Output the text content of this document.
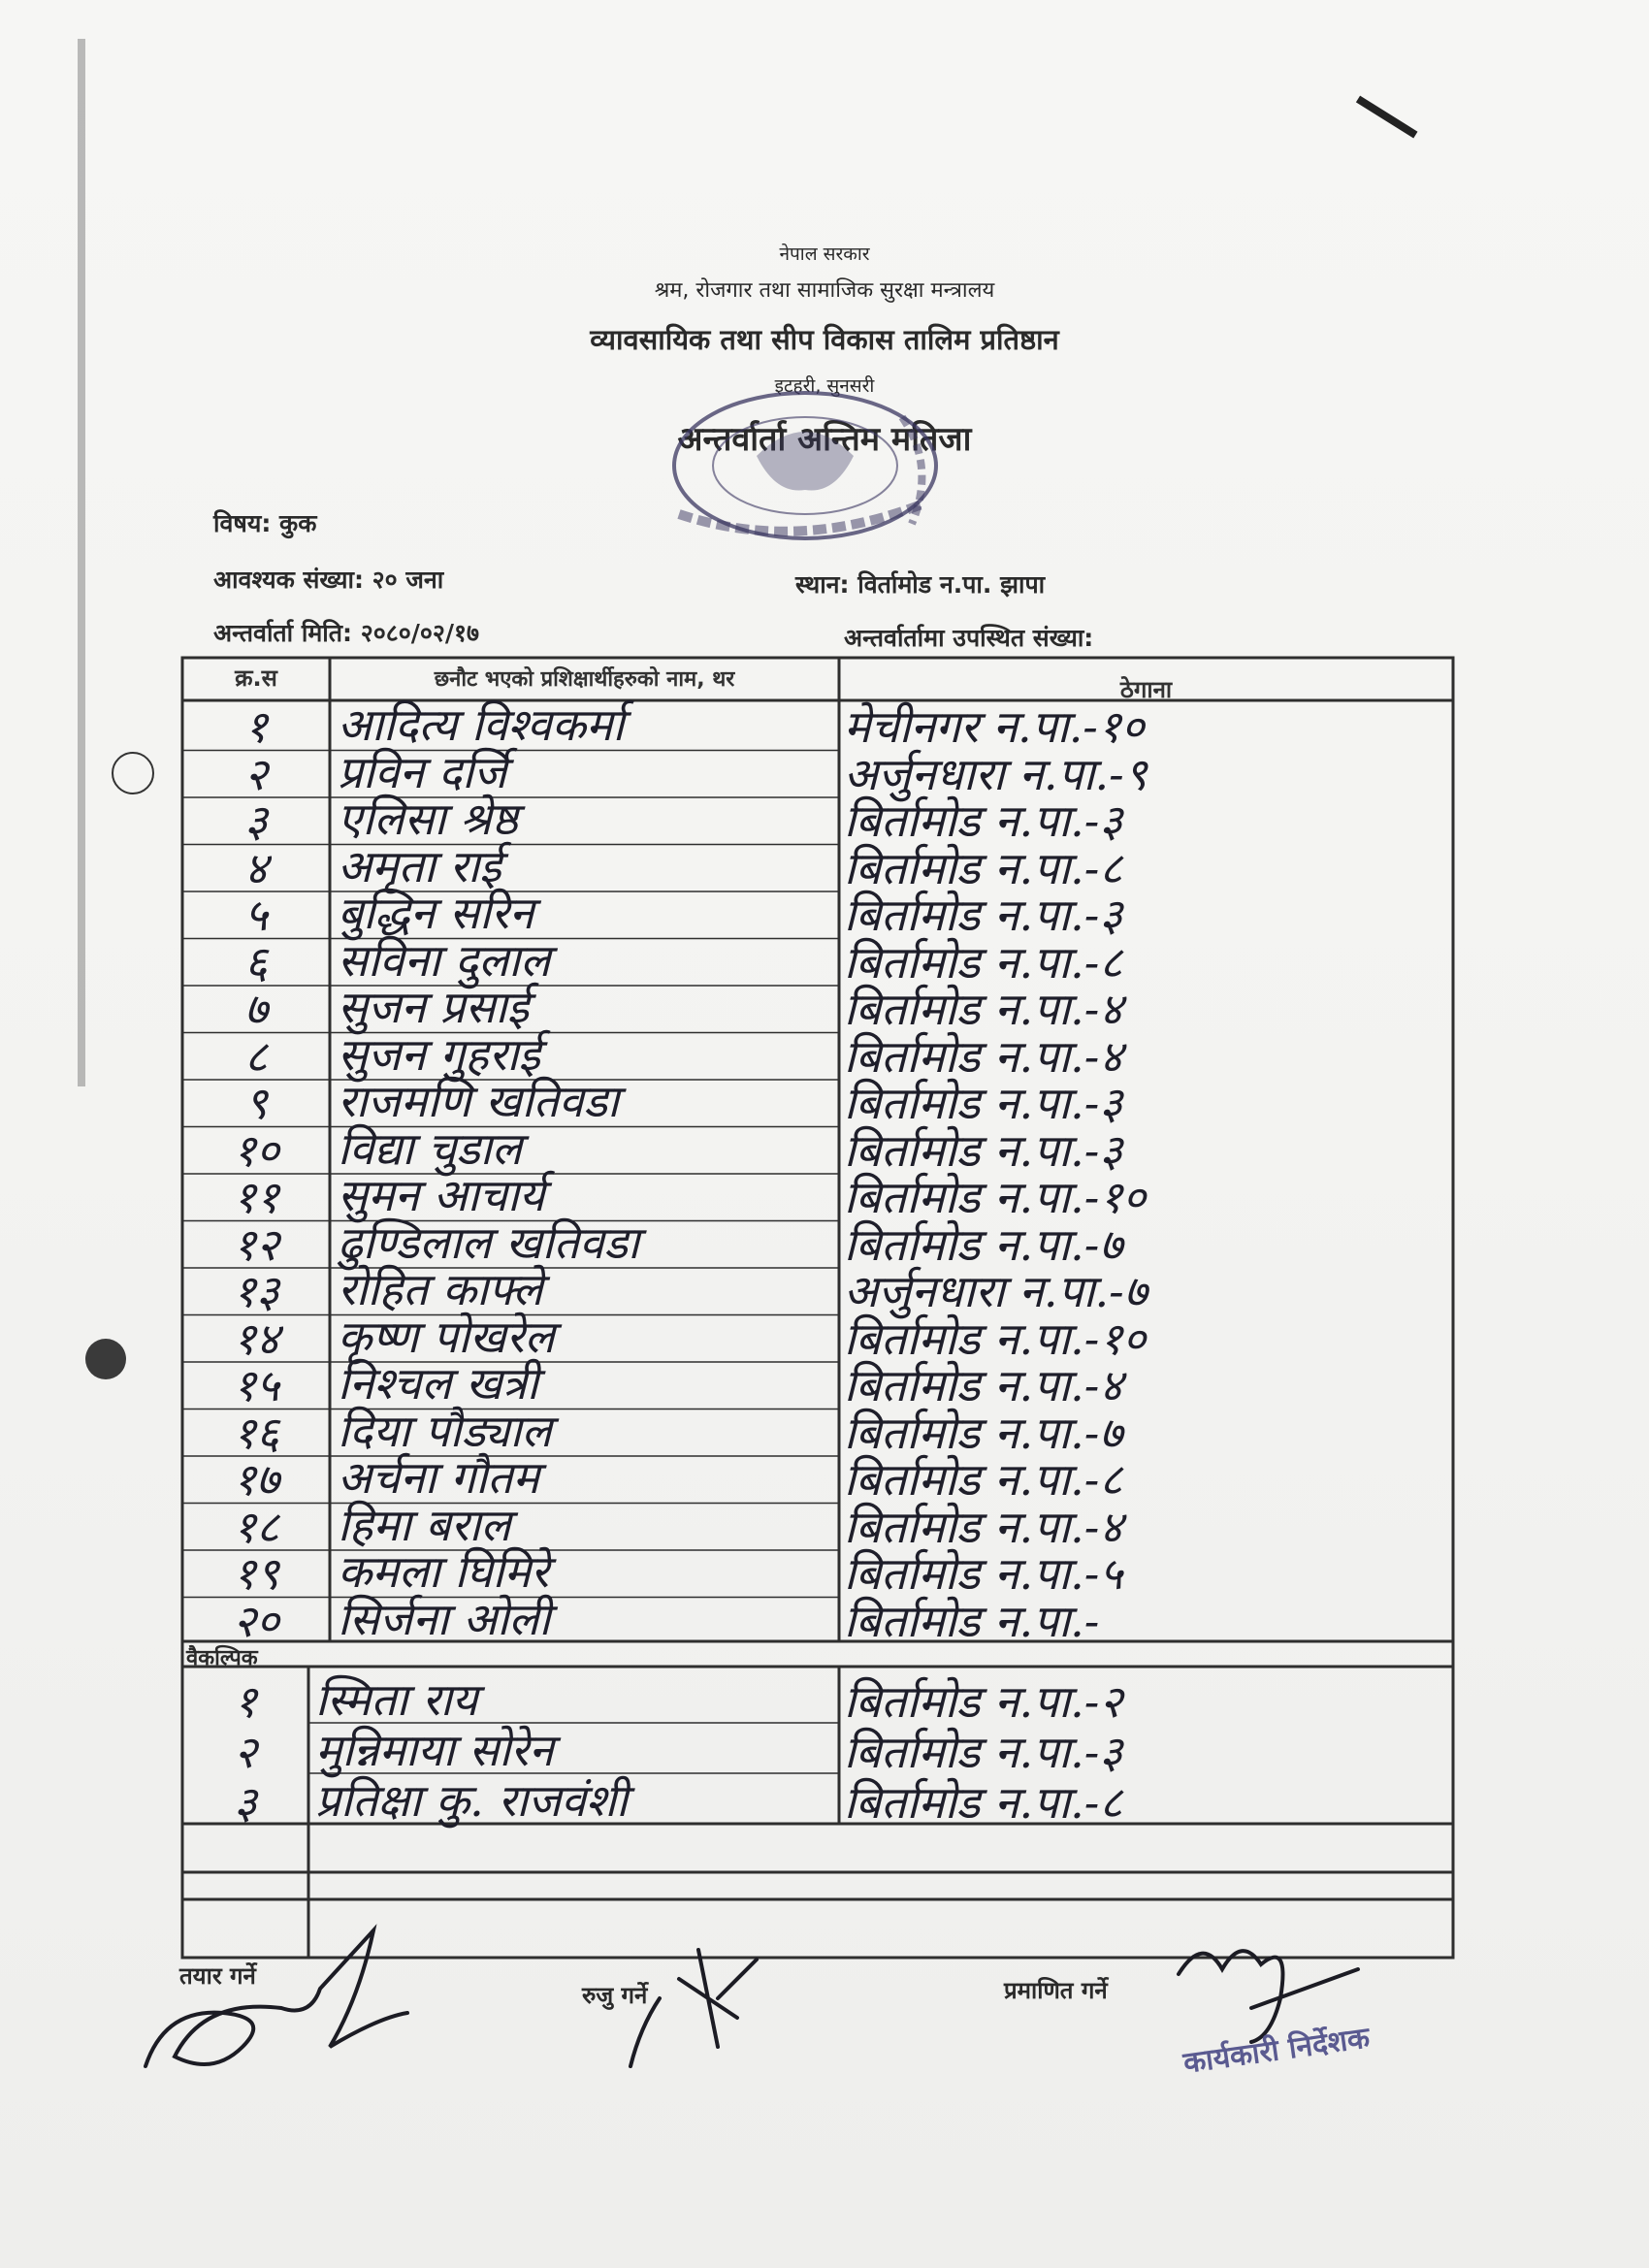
नेपाल सरकार
श्रम, रोजगार तथा सामाजिक सुरक्षा मन्त्रालय
व्यावसायिक तथा सीप विकास तालिम प्रतिष्ठान
इटहरी, सुनसरी
अन्तर्वार्ता अन्तिम मतिजा
विषय: कुक
आवश्यक संख्या: २० जना	स्थान: विर्तामोड न.पा. झापा
अन्तर्वार्ता मिति: २०८०/०२/१७	अन्तर्वार्तामा उपस्थित संख्या:
क्र.स	छनौट भएको प्रशिक्षार्थीहरुको नाम, थर	ठेगाना
१	आदित्य विश्वकर्मा	मेचीनगर न.पा.-१०
२	प्रविन दर्जि	अर्जुनधारा न.पा.-९
३	एलिसा श्रेष्ठ	बिर्तामोड न.पा.-३
४	अमृता राई	बिर्तामोड न.पा.-८
५	बुद्धिन सरिन	बिर्तामोड न.पा.-३
६	सविना दुलाल	बिर्तामोड न.पा.-८
७	सुजन प्रसाई	बिर्तामोड न.पा.-४
८	सुजन गुहराई	बिर्तामोड न.पा.-४
९	राजमणि खतिवडा	बिर्तामोड न.पा.-३
१०	विद्या चुडाल	बिर्तामोड न.पा.-३
११	सुमन आचार्य	बिर्तामोड न.पा.-१०
१२	ढुण्डिलाल खतिवडा	बिर्तामोड न.पा.-७
१३	रोहित काफ्ले	अर्जुनधारा न.पा.-७
१४	कृष्ण पोखरेल	बिर्तामोड न.पा.-१०
१५	निश्चल खत्री	बिर्तामोड न.पा.-४
१६	दिया पौड्याल	बिर्तामोड न.पा.-७
१७	अर्चना गौतम	बिर्तामोड न.पा.-८
१८	हिमा बराल	बिर्तामोड न.पा.-४
१९	कमला घिमिरे	बिर्तामोड न.पा.-५
२०	सिर्जना ओली	बिर्तामोड न.पा.-
वैकल्पिक
१	स्मिता राय	बिर्तामोड न.पा.-२
२	मुन्निमाया सोरेन	बिर्तामोड न.पा.-३
३	प्रतिक्षा कु. राजवंशी	बिर्तामोड न.पा.-८
तयार गर्ने
रुजु गर्ने	प्रमाणित गर्ने
कार्यकारी निर्देशक
